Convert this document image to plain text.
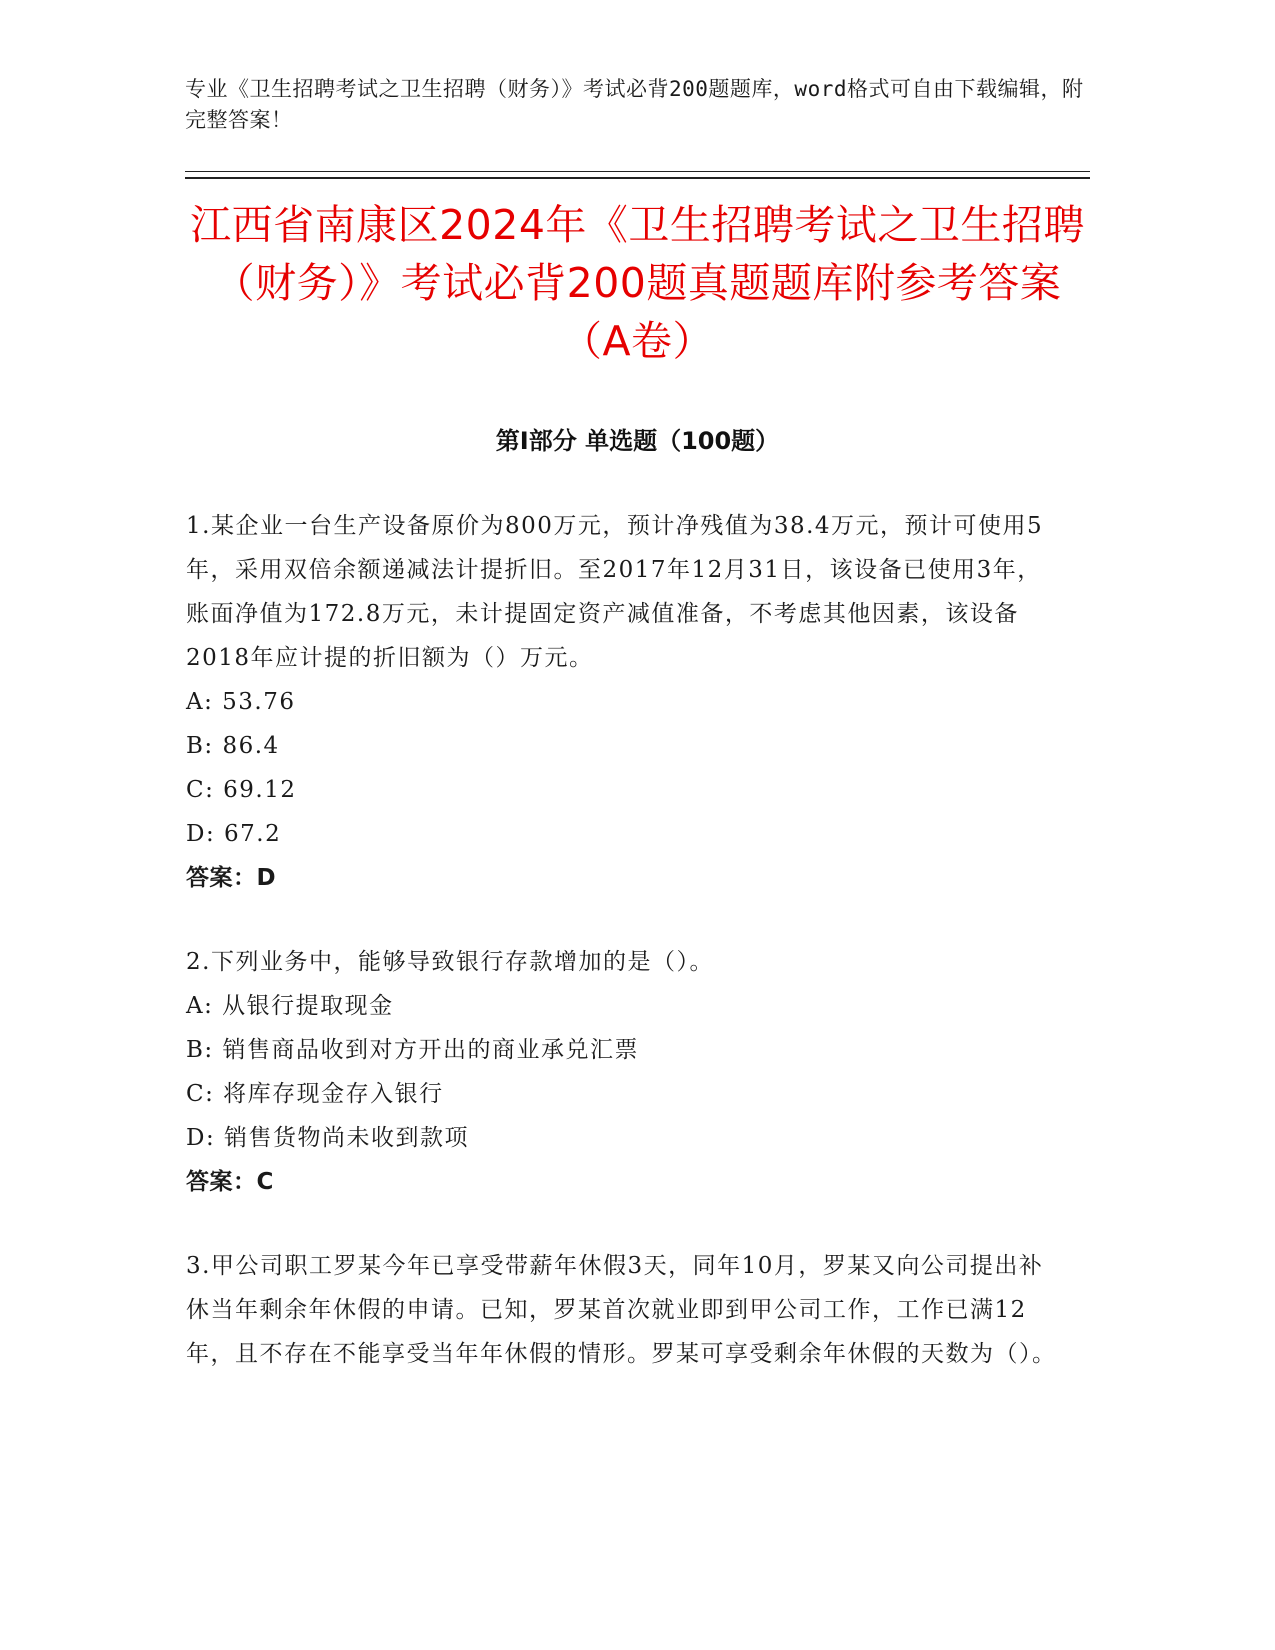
专业《卫生招聘考试之卫生招聘（财务）》考试必背200题题库，word格式可自由下载编辑，附完整答案！
江西省南康区2024年《卫生招聘考试之卫生招聘（财务）》考试必背200题真题题库附参考答案（A卷）
第Ⅰ部分 单选题（100题）

1.某企业一台生产设备原价为800万元，预计净残值为38.4万元，预计可使用5年，采用双倍余额递减法计提折旧。至2017年12月31日，该设备已使用3年，账面净值为172.8万元，未计提固定资产减值准备，不考虑其他因素，该设备2018年应计提的折旧额为（）万元。

A: 53.76

B: 86.4

C: 69.12

D: 67.2

答案：D

2.下列业务中，能够导致银行存款增加的是（）。

A: 从银行提取现金

B: 销售商品收到对方开出的商业承兑汇票

C: 将库存现金存入银行

D: 销售货物尚未收到款项

答案：C

3.甲公司职工罗某今年已享受带薪年休假3天，同年10月，罗某又向公司提出补休当年剩余年休假的申请。已知，罗某首次就业即到甲公司工作，工作已满12年，且不存在不能享受当年年休假的情形。罗某可享受剩余年休假的天数为（）。
